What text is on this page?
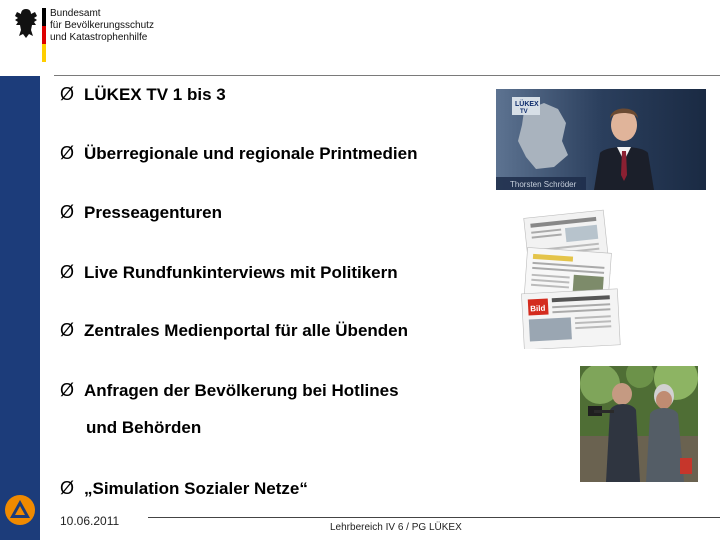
Bundesamt
für Bevölkerungsschutz
und Katastrophenhilfe
Ø LÜKEX TV 1 bis 3
Ø Überregionale und regionale Printmedien
Ø Presseagenturen
Ø Live Rundfunkinterviews mit Politikern
Ø Zentrales Medienportal für alle Übenden
Ø Anfragen der Bevölkerung bei Hotlines
und Behörden
Ø „Simulation Sozialer Netze“
LÜKEX
TV
Thorsten Schröder
Bild
10.06.2011	Lehrbereich IV 6 / PG LÜKEX
